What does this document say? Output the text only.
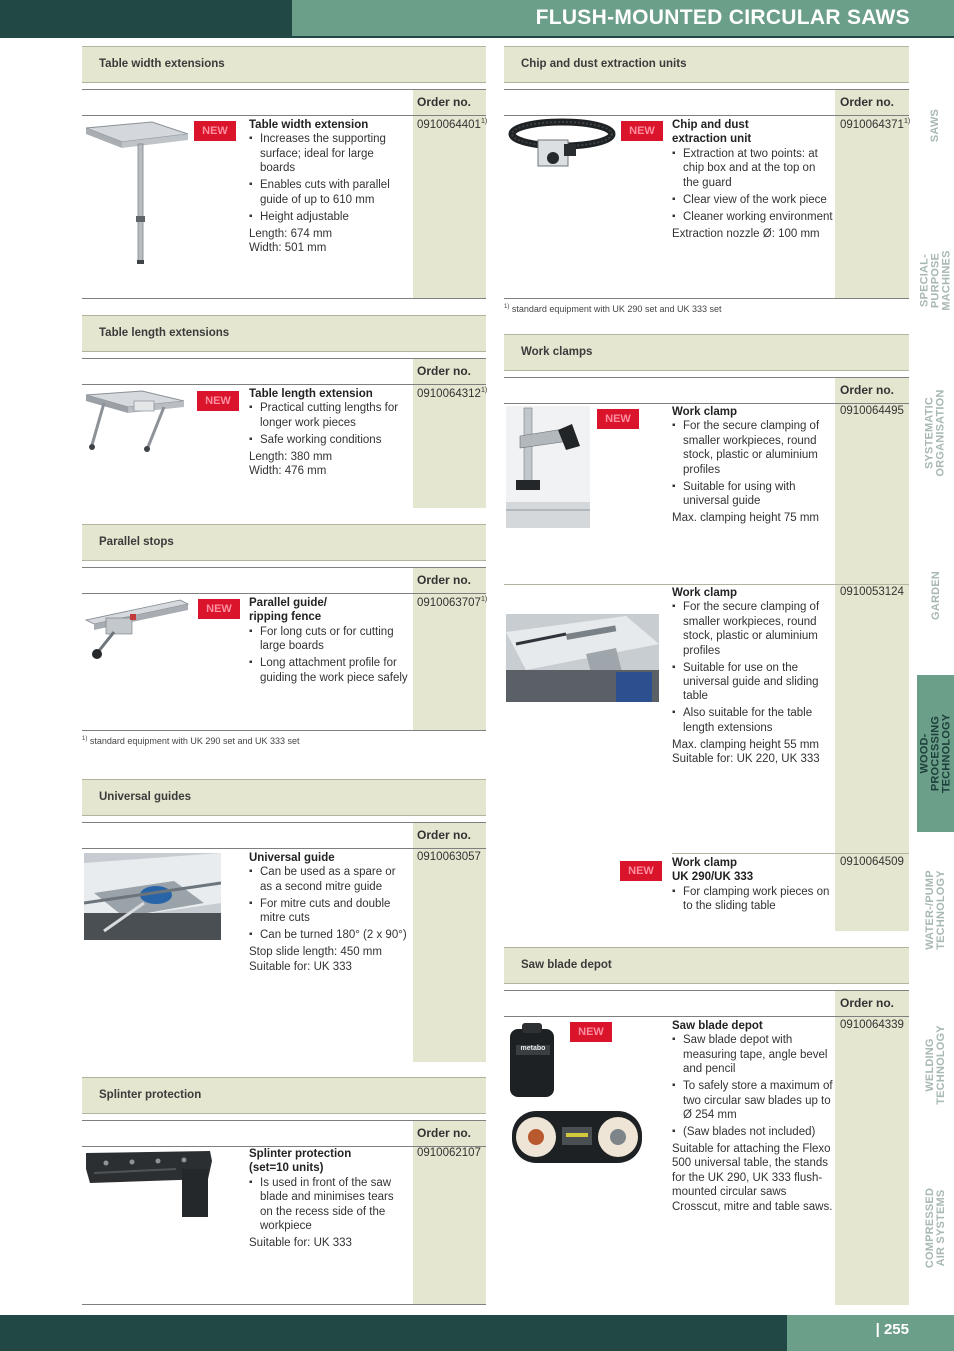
FLUSH-MOUNTED CIRCULAR SAWS
SAWS
SPECIAL-PURPOSE MACHINES
SYSTEMATIC ORGANISATION
GARDEN
WOOD-PROCESSING TECHNOLOGY
WATER-/PUMP TECHNOLOGY
WELDING TECHNOLOGY
COMPRESSED AIR SYSTEMS
Table width extensions
Order no.
NEW	Table width extension
▪ Increases the supporting surface; ideal for large boards
▪ Enables cuts with parallel guide of up to 610 mm
▪ Height adjustable
Length: 674 mm
Width: 501 mm
0910064401$^{1)}$
Table length extensions
Order no.
NEW
Table length extension
▪ Practical cutting lengths for longer work pieces
▪ Safe working conditions
Length: 380 mm
Width: 476 mm
0910064312$^{1)}$
Parallel stops
Order no.
NEW	Parallel guide/
ripping fence
▪ For long cuts or for cutting large boards
▪ Long attachment profile for guiding the work piece safely
0910063707$^{1)}$
$^{1)}$ standard equipment with UK 290 set and UK 333 set
Universal guides
Order no.
Universal guide
▪ Can be used as a spare or as a second mitre guide
▪ For mitre cuts and double mitre cuts
▪ Can be turned 180° (2 x 90°)
Stop slide length: 450 mm
Suitable for: UK 333
0910063057
Splinter protection
Order no.
Splinter protection
(set=10 units)
▪ Is used in front of the saw blade and minimises tears on the recess side of the workpiece
Suitable for: UK 333
0910062107
Chip and dust extraction units
Order no.
NEW	Chip and dust
extraction unit
▪ Extraction at two points: at chip box and at the top on the guard
▪ Clear view of the work piece
▪ Cleaner working environment
Extraction nozzle Ø: 100 mm
0910064371$^{1)}$
$^{1)}$ standard equipment with UK 290 set and UK 333 set
Work clamps
Order no.
NEW
Work clamp
▪ For the secure clamping of smaller workpieces, round stock, plastic or aluminium profiles
▪ Suitable for using with universal guide
Max. clamping height 75 mm
0910064495
Work clamp
▪ For the secure clamping of smaller workpieces, round stock, plastic or aluminium profiles
▪ Suitable for use on the universal guide and sliding table
▪ Also suitable for the table length extensions
Max. clamping height 55 mm
Suitable for: UK 220, UK 333
0910053124
NEW
Work clamp
UK 290/UK 333
▪ For clamping work pieces on to the sliding table
0910064509
Saw blade depot
Order no.
metabo
NEW	Saw blade depot
▪ Saw blade depot with measuring tape, angle bevel and pencil
▪ To safely store a maximum of two circular saw blades up to Ø 254 mm
▪ (Saw blades not included)
Suitable for attaching the Flexo 500 universal table, the stands for the UK 290, UK 333 flush-mounted circular saws Crosscut, mitre and table saws.
0910064339
| 255
